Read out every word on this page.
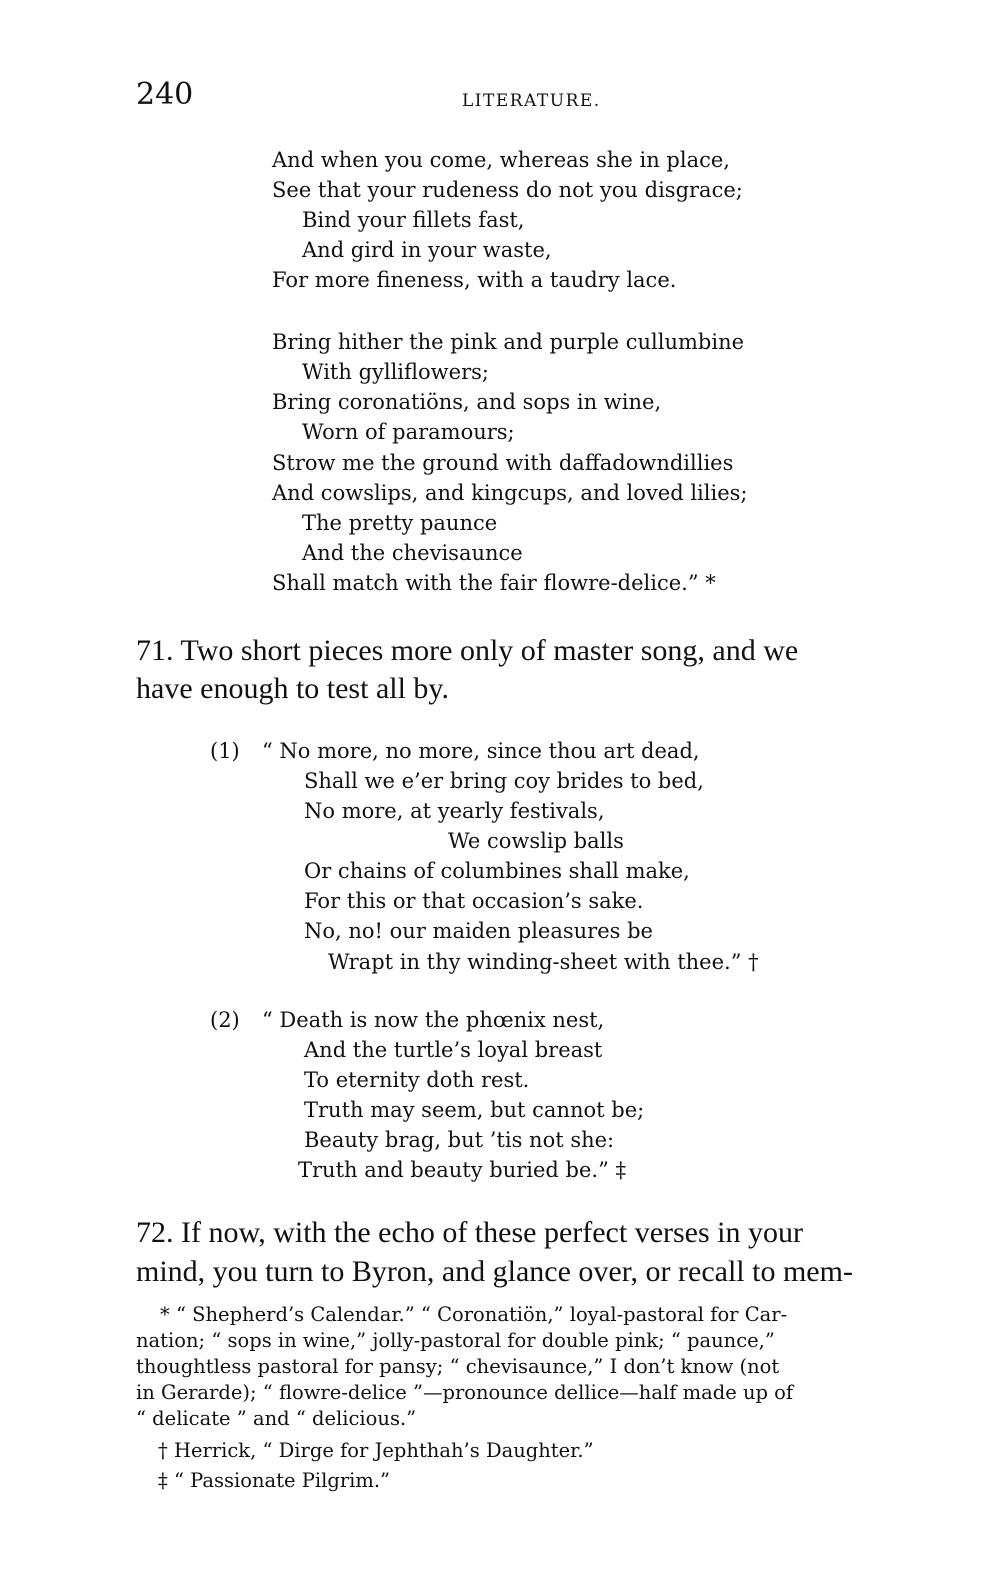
240	LITERATURE.

And when you come, whereas she in place,

See that your rudeness do not you disgrace;

Bind your fillets fast,

And gird in your waste,

For more fineness, with a taudry lace.

Bring hither the pink and purple cullumbine

With gylliflowers;

Bring coronatiöns, and sops in wine,

Worn of paramours;

Strow me the ground with daffadowndillies

And cowslips, and kingcups, and loved lilies;

The pretty paunce

And the chevisaunce

Shall match with the fair flowre-delice.” *

71. Two short pieces more only of master song, and we

have enough to test all by.

(1) “ No more, no more, since thou art dead,

Shall we e’er bring coy brides to bed,

No more, at yearly festivals,

We cowslip balls

Or chains of columbines shall make,

For this or that occasion’s sake.

No, no! our maiden pleasures be

Wrapt in thy winding-sheet with thee.” †

(2) “ Death is now the phœnix nest,

And the turtle’s loyal breast

To eternity doth rest.

Truth may seem, but cannot be;

Beauty brag, but ’tis not she:

Truth and beauty buried be.” ‡

72. If now, with the echo of these perfect verses in your

mind, you turn to Byron, and glance over, or recall to mem-

* “ Shepherd’s Calendar.” “ Coronatiön,” loyal-pastoral for Car-

nation; “ sops in wine,” jolly-pastoral for double pink; “ paunce,”

thoughtless pastoral for pansy; “ chevisaunce,” I don’t know (not

in Gerarde); “ flowre-delice ”—pronounce dellice—half made up of

“ delicate ” and “ delicious.”

† Herrick, “ Dirge for Jephthah’s Daughter.”

‡ “ Passionate Pilgrim.”
